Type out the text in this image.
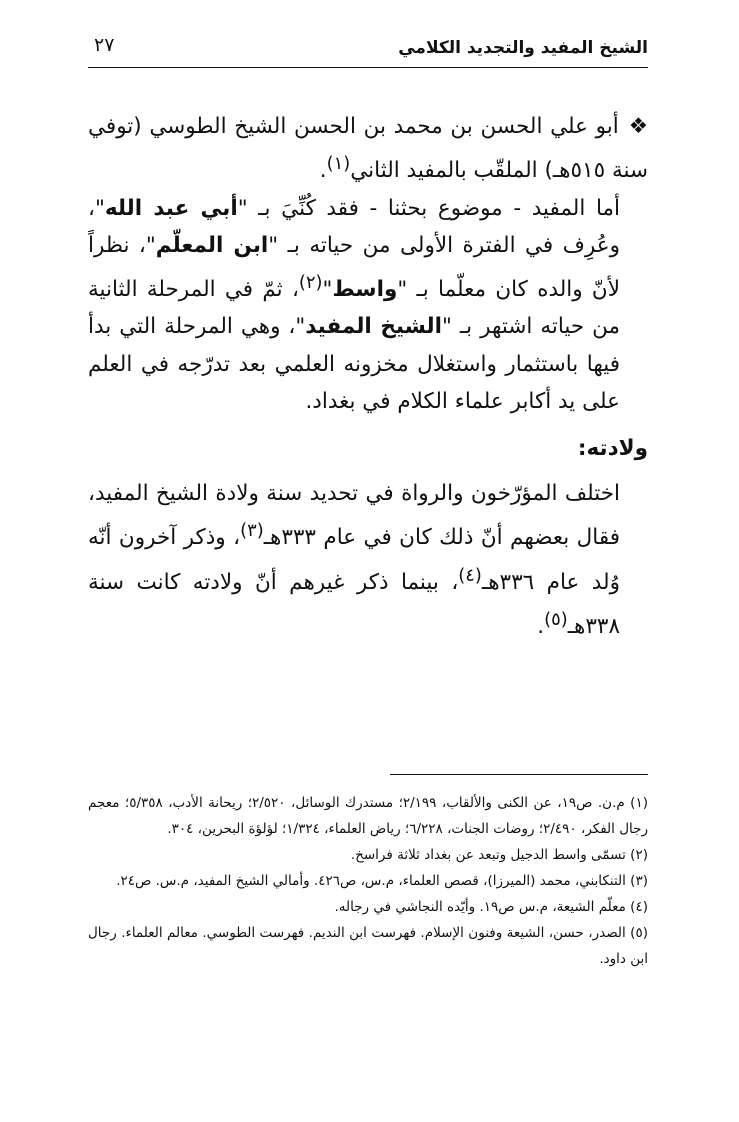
الشيخ المفيد والتجديد الكلامي
٢٧

❖أبو علي الحسن بن محمد بن الحسن الشيخ الطوسي (توفي سنة ٥١٥هـ) الملقّب بالمفيد الثاني$^{(١)}$.

أما المفيد - موضوع بحثنا - فقد كُنِّيَ بـ "أبي عبد الله"، وعُرِف في الفترة الأولى من حياته بـ "ابن المعلّم"، نظراً لأنّ والده كان معلّما بـ "واسط"$^{(٢)}$، ثمّ في المرحلة الثانية من حياته اشتهر بـ "الشيخ المفيد"، وهي المرحلة التي بدأ فيها باستثمار واستغلال مخزونه العلمي بعد تدرّجه في العلم على يد أكابر علماء الكلام في بغداد.

ولادته:

اختلف المؤرّخون والرواة في تحديد سنة ولادة الشيخ المفيد، فقال بعضهم أنّ ذلك كان في عام ٣٣٣هـ$^{(٣)}$، وذكر آخرون أنّه وُلد عام ٣٣٦هـ$^{(٤)}$، بينما ذكر غيرهم أنّ ولادته كانت سنة ٣٣٨هـ$^{(٥)}$.

(١) م.ن. ص١٩، عن الكنى والألقاب، ٢/١٩٩؛ مستدرك الوسائل، ٢/٥٢٠؛ ريحانة الأدب، ٥/٣٥٨؛ معجم رجال الفكر، ٢/٤٩٠؛ روضات الجنات، ٦/٢٢٨؛ رياض العلماء، ١/٣٢٤؛ لؤلؤة البحرين، ٣٠٤.

(٢) تسمّى واسط الدجيل وتبعد عن بغداد ثلاثة فراسخ.

(٣) التنكابني، محمد (الميرزا)، قصص العلماء، م.س، ص٤٢٦. وأمالي الشيخ المفيد، م.س. ص٢٤.

(٤) معلّم الشيعة، م.س ص١٩. وأيّده النجاشي في رجاله.

(٥) الصدر، حسن، الشيعة وفنون الإسلام. فهرست ابن النديم. فهرست الطوسي. معالم العلماء. رجال ابن داود.
